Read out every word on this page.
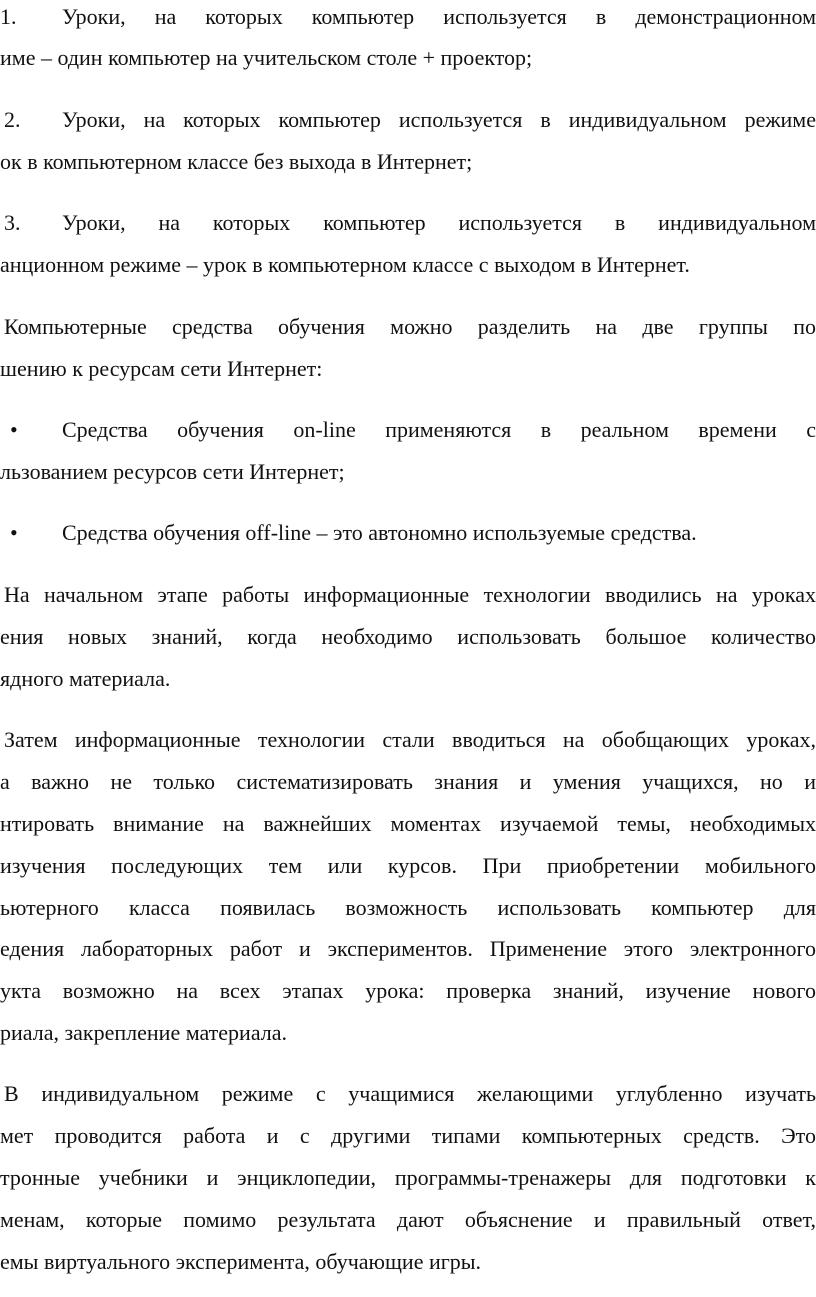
1. Уроки, на которых компьютер используется в демонстрационном
име – один компьютер на учительском столе + проектор;
2. Уроки, на которых компьютер используется в индивидуальном режиме
ок в компьютерном классе без выхода в Интернет;
3. Уроки, на которых компьютер используется в индивидуальном
анционном режиме – урок в компьютерном классе с выходом в Интернет.
Компьютерные средства обучения можно разделить на две группы по
шению к ресурсам сети Интернет:
• Средства обучения on-line применяются в реальном времени с
льзованием ресурсов сети Интернет;
• Средства обучения off-line – это автономно используемые средства.
На начальном этапе работы информационные технологии вводились на уроках
ения новых знаний, когда необходимо использовать большое количество
ядного материала.
Затем информационные технологии стали вводиться на обобщающих уроках,
а важно не только систематизировать знания и умения учащихся, но и
нтировать внимание на важнейших моментах изучаемой темы, необходимых
изучения последующих тем или курсов. При приобретении мобильного
ьютерного класса появилась возможность использовать компьютер для
едения лабораторных работ и экспериментов. Применение этого электронного
укта возможно на всех этапах урока: проверка знаний, изучение нового
риала, закрепление материала.
В индивидуальном режиме с учащимися желающими углубленно изучать
мет проводится работа и с другими типами компьютерных средств. Это
тронные учебники и энциклопедии, программы-тренажеры для подготовки к
менам, которые помимо результата дают объяснение и правильный ответ,
емы виртуального эксперимента, обучающие игры.
